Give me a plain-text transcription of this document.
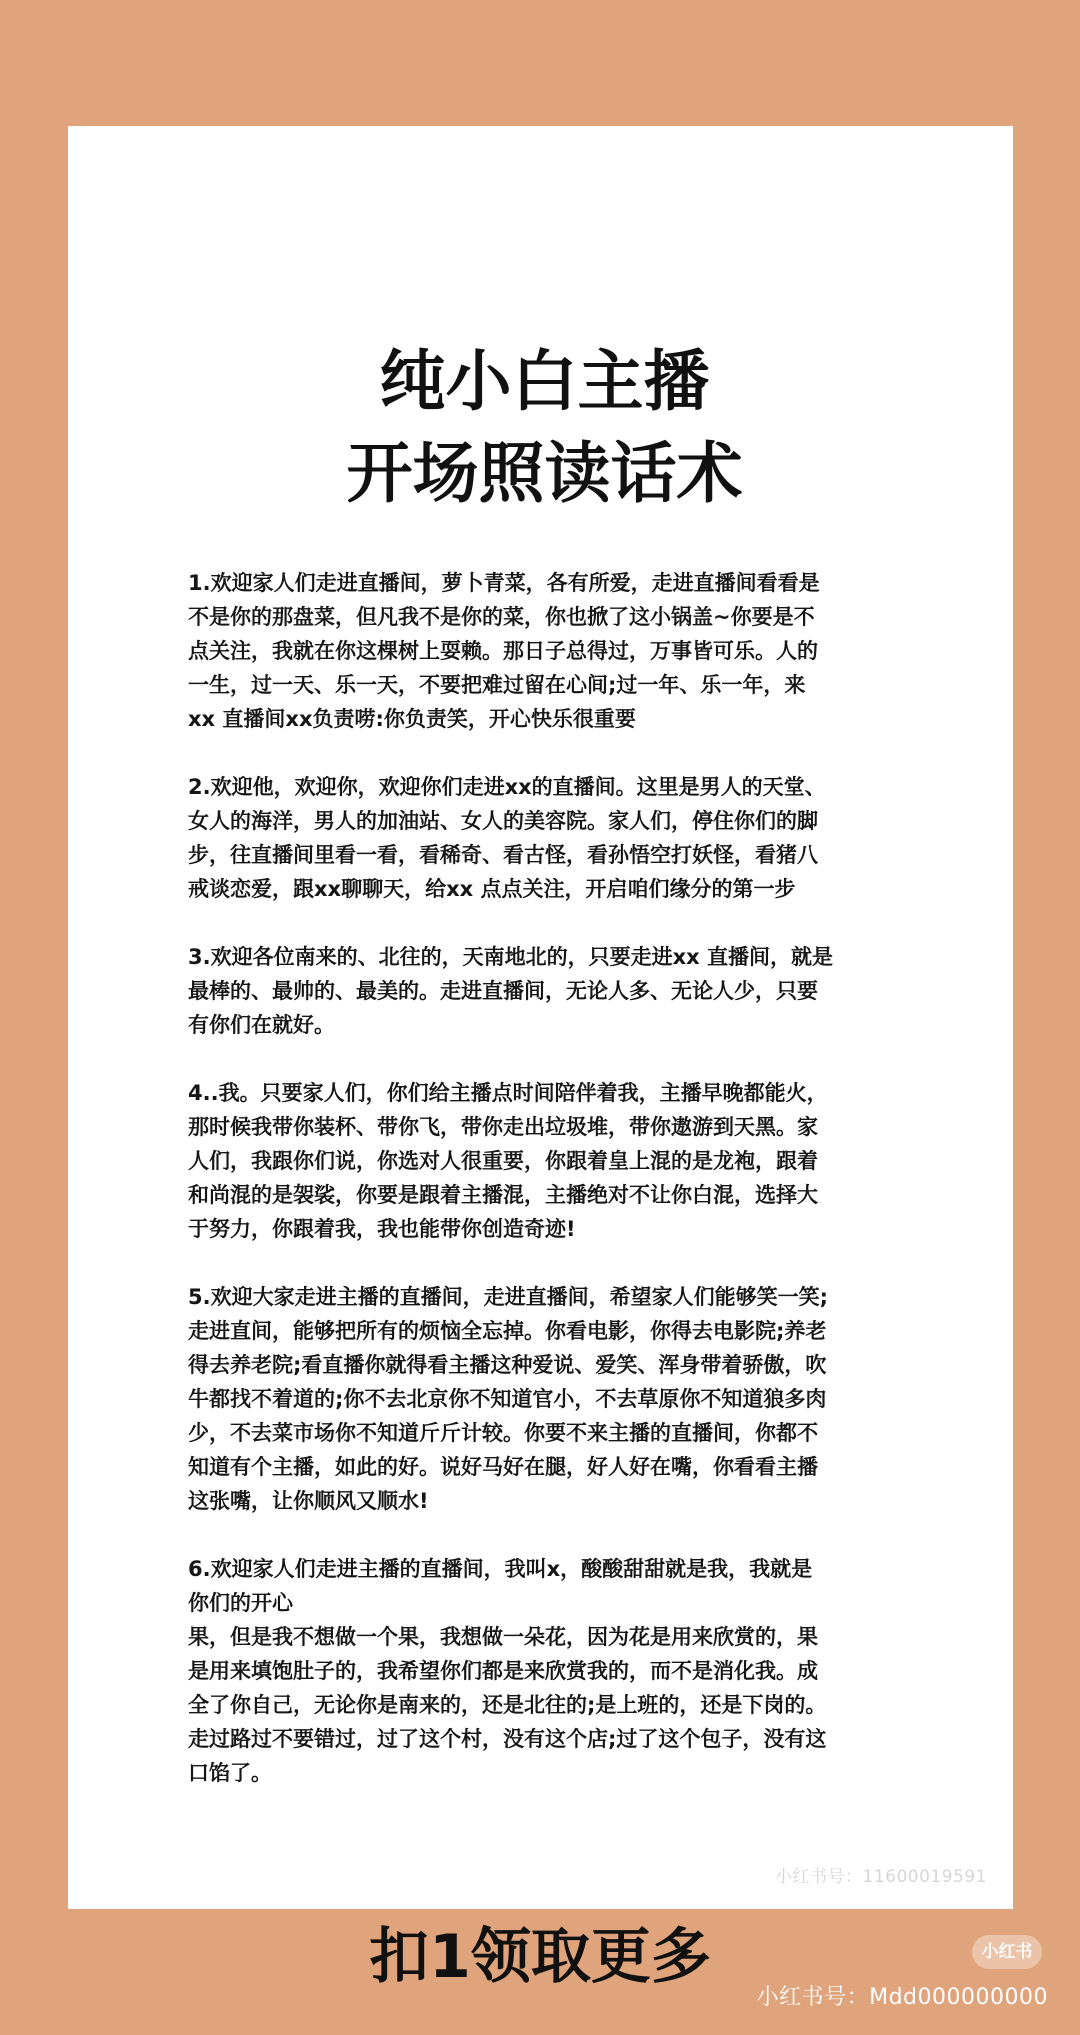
纯小白主播
开场照读话术
1.欢迎家人们走进直播间，萝卜青菜，各有所爱，走进直播间看看是
不是你的那盘菜，但凡我不是你的菜，你也掀了这小锅盖~你要是不
点关注，我就在你这棵树上耍赖。那日子总得过，万事皆可乐。人的
一生，过一天、乐一天，不要把难过留在心间;过一年、乐一年，来
xx 直播间xx负责唠:你负责笑，开心快乐很重要
2.欢迎他，欢迎你，欢迎你们走进xx的直播间。这里是男人的天堂、
女人的海洋，男人的加油站、女人的美容院。家人们，停住你们的脚
步，往直播间里看一看，看稀奇、看古怪，看孙悟空打妖怪，看猪八
戒谈恋爱，跟xx聊聊天，给xx 点点关注，开启咱们缘分的第一步
3.欢迎各位南来的、北往的，天南地北的，只要走进xx 直播间，就是
最棒的、最帅的、最美的。走进直播间，无论人多、无论人少，只要
有你们在就好。
4..我。只要家人们，你们给主播点时间陪伴着我，主播早晚都能火，
那时候我带你装杯、带你飞，带你走出垃圾堆，带你遨游到天黑。家
人们，我跟你们说，你选对人很重要，你跟着皇上混的是龙袍，跟着
和尚混的是袈裟，你要是跟着主播混，主播绝对不让你白混，选择大
于努力，你跟着我，我也能带你创造奇迹!
5.欢迎大家走进主播的直播间，走进直播间，希望家人们能够笑一笑;
走进直间，能够把所有的烦恼全忘掉。你看电影，你得去电影院;养老
得去养老院;看直播你就得看主播这种爱说、爱笑、浑身带着骄傲，吹
牛都找不着道的;你不去北京你不知道官小，不去草原你不知道狼多肉
少，不去菜市场你不知道斤斤计较。你要不来主播的直播间，你都不
知道有个主播，如此的好。说好马好在腿，好人好在嘴，你看看主播
这张嘴，让你顺风又顺水!
6.欢迎家人们走进主播的直播间，我叫x，酸酸甜甜就是我，我就是
你们的开心
果，但是我不想做一个果，我想做一朵花，因为花是用来欣赏的，果
是用来填饱肚子的，我希望你们都是来欣赏我的，而不是消化我。成
全了你自己，无论你是南来的，还是北往的;是上班的，还是下岗的。
走过路过不要错过，过了这个村，没有这个店;过了这个包子，没有这
口馅了。
小红书号：11600019591
扣1领取更多	小红书
小红书号：Mdd000000000
